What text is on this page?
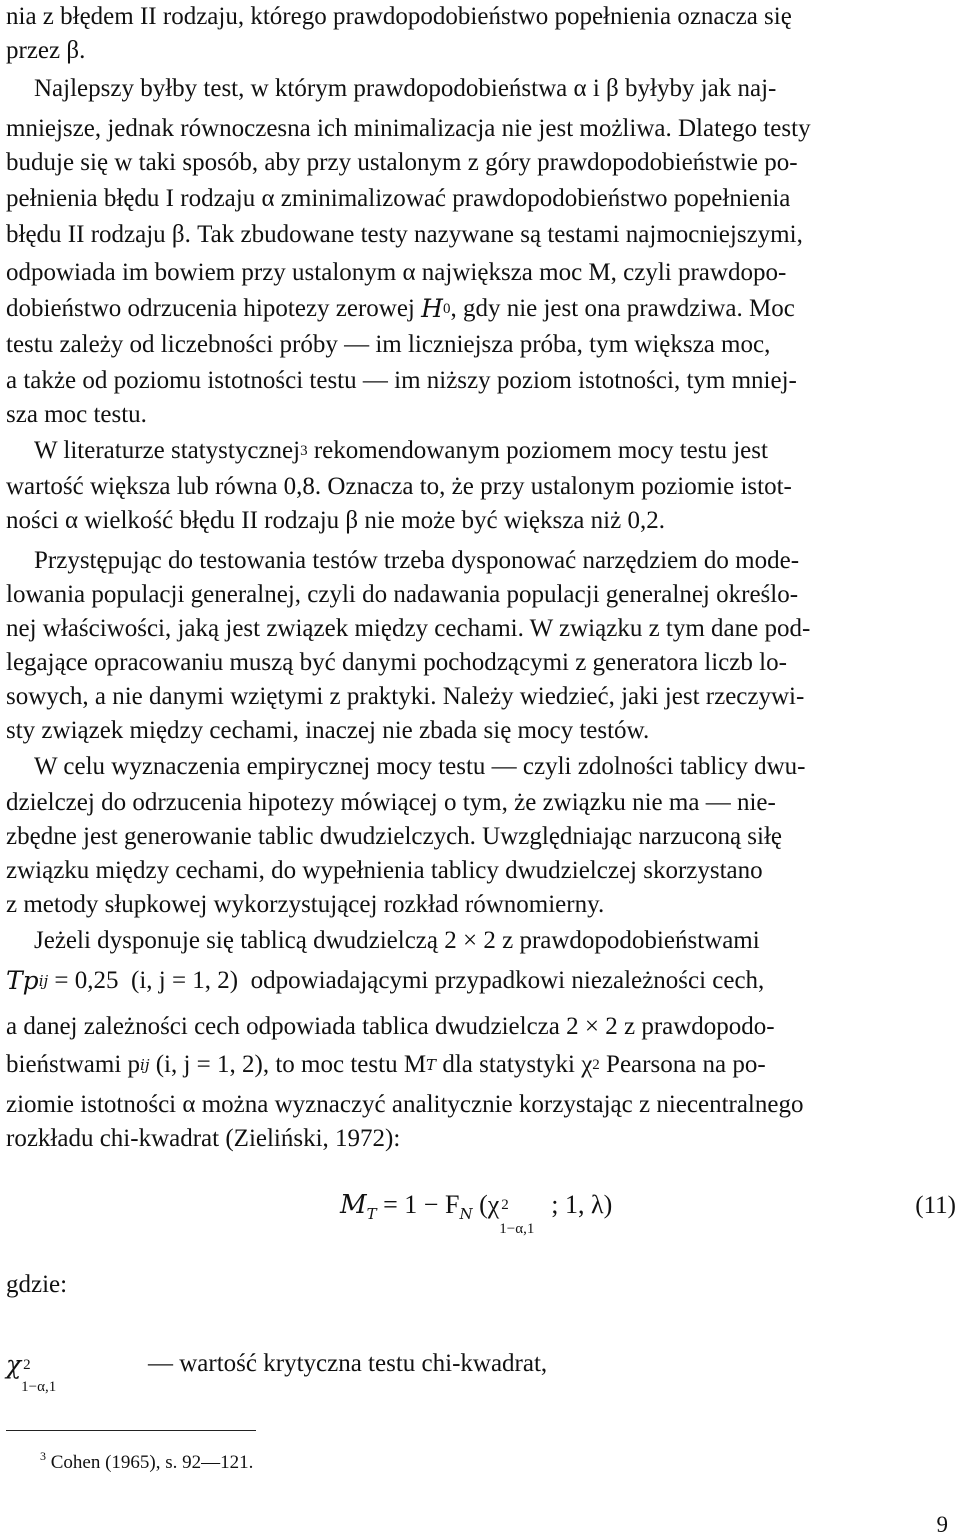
nia z błędem II rodzaju, którego prawdopodobieństwo popełnienia oznacza się
przez β.
Najlepszy byłby test, w którym prawdopodobieństwa α i β byłyby jak naj-
mniejsze, jednak równoczesna ich minimalizacja nie jest możliwa. Dlatego testy
buduje się w taki sposób, aby przy ustalonym z góry prawdopodobieństwie po-
pełnienia błędu I rodzaju α zminimalizować prawdopodobieństwo popełnienia
błędu II rodzaju β. Tak zbudowane testy nazywane są testami najmocniejszymi,
odpowiada im bowiem przy ustalonym α największa moc M, czyli prawdopo-
dobieństwo odrzucenia hipotezy zerowej H 0 , gdy nie jest ona prawdziwa. Moc
testu zależy od liczebności próby — im liczniejsza próba, tym większa moc,
a także od poziomu istotności testu — im niższy poziom istotności, tym mniej-
sza moc testu.
W literaturze statystycznej 3 rekomendowanym poziomem mocy testu jest
wartość większa lub równa 0,8. Oznacza to, że przy ustalonym poziomie istot-
ności α wielkość błędu II rodzaju β nie może być większa niż 0,2.
Przystępując do testowania testów trzeba dysponować narzędziem do mode-
lowania populacji generalnej, czyli do nadawania populacji generalnej określo-
nej właściwości, jaką jest związek między cechami. W związku z tym dane pod-
legające opracowaniu muszą być danymi pochodzącymi z generatora liczb lo-
sowych, a nie danymi wziętymi z praktyki. Należy wiedzieć, jaki jest rzeczywi-
sty związek między cechami, inaczej nie zbada się mocy testów.
W celu wyznaczenia empirycznej mocy testu — czyli zdolności tablicy dwu-
dzielczej do odrzucenia hipotezy mówiącej o tym, że związku nie ma — nie-
zbędne jest generowanie tablic dwudzielczych. Uwzględniając narzuconą siłę
związku między cechami, do wypełnienia tablicy dwudzielczej skorzystano
z metody słupkowej wykorzystującej rozkład równomierny.
Jeżeli dysponuje się tablicą dwudzielczą 2 × 2 z prawdopodobieństwami
Tp ij = 0,25  (i, j = 1, 2)  odpowiadającymi przypadkowi niezależności cech,
a danej zależności cech odpowiada tablica dwudzielcza 2 × 2 z prawdopodo-
bieństwami p ij (i, j = 1, 2), to moc testu M T dla statystyki χ 2 Pearsona na po-
ziomie istotności α można wyznaczyć analitycznie korzystając z niecentralnego
rozkładu chi-kwadrat (Zieliński, 1972):
$M_T = 1 - F_N$ (χ 2
1−α,1
; 1, λ)	(11)
gdzie:
χ 2
1−α,1
— wartość krytyczna testu chi-kwadrat,
$^3$ Cohen (1965), s. 92—121.
9
